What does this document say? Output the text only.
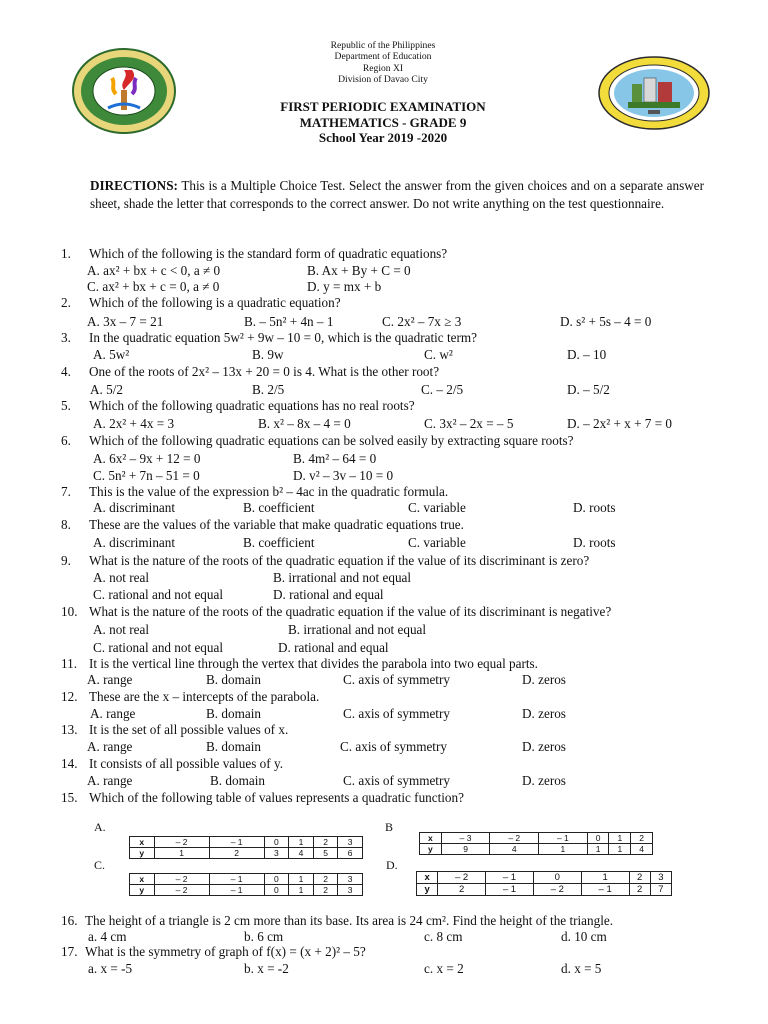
Republic of the Philippines
Department of Education
Region XI
Division of Davao City
FIRST PERIODIC EXAMINATION
MATHEMATICS - GRADE 9
School Year 2019 -2020
DIRECTIONS: This is a Multiple Choice Test. Select the answer from the given choices and on a separate answer sheet, shade the letter that corresponds to the correct answer. Do not write anything on the test questionnaire.
1. Which of the following is the standard form of quadratic equations?
A. ax² + bx + c < 0, a ≠ 0	B. Ax + By + C = 0
C. ax² + bx + c = 0, a ≠ 0	D. y = mx + b
2. Which of the following is a quadratic equation?
A. 3x – 7 = 21	B. – 5n² + 4n – 1	C. 2x² – 7x ≥ 3	D. s² + 5s – 4 = 0
3. In the quadratic equation 5w² + 9w – 10 = 0, which is the quadratic term?
A. 5w²	B. 9w	C. w²	D. – 10
4. One of the roots of 2x² – 13x + 20 = 0 is 4. What is the other root?
A. 5/2	B. 2/5	C. – 2/5	D. – 5/2
5. Which of the following quadratic equations has no real roots?
A. 2x² + 4x = 3	B. x² – 8x – 4 = 0	C. 3x² – 2x = – 5	D. – 2x² + x + 7 = 0
6. Which of the following quadratic equations can be solved easily by extracting square roots?
A. 6x² – 9x + 12 = 0	B. 4m² – 64 = 0
C. 5n² + 7n – 51 = 0	D. v² – 3v – 10 = 0
7. This is the value of the expression b² – 4ac in the quadratic formula.
A. discriminant	B. coefficient	C. variable	D. roots
8. These are the values of the variable that make quadratic equations true.
A. discriminant	B. coefficient	C. variable	D. roots
9. What is the nature of the roots of the quadratic equation if the value of its discriminant is zero?
A. not real	B. irrational and not equal
C. rational and not equal	D. rational and equal
10. What is the nature of the roots of the quadratic equation if the value of its discriminant is negative?
A. not real	B. irrational and not equal
C. rational and not equal	D. rational and equal
11. It is the vertical line through the vertex that divides the parabola into two equal parts.
A. range	B. domain	C. axis of symmetry	D. zeros
12. These are the x – intercepts of the parabola.
A. range	B. domain	C. axis of symmetry	D. zeros
13. It is the set of all possible values of x.
A. range	B. domain	C. axis of symmetry	D. zeros
14. It consists of all possible values of y.
A. range	B. domain	C. axis of symmetry	D. zeros
15. Which of the following table of values represents a quadratic function?
A.
x	– 2	– 1	0	1	2	3
y	1	2	3	4	5	6
B
x	– 3	– 2	– 1	0	1	2
y	9	4	1	1	1	4
C.
x	– 2	– 1	0	1	2	3
y	– 2	– 1	0	1	2	3
D.
x	– 2	– 1	0	1	2	3
y	2	– 1	– 2	– 1	2	7
16. The height of a triangle is 2 cm more than its base. Its area is 24 cm². Find the height of the triangle.
a. 4 cm	b. 6 cm	c. 8 cm	d. 10 cm
17. What is the symmetry of graph of f(x) = (x + 2)² – 5?
a. x = -5	b. x = -2	c. x = 2	d. x = 5
